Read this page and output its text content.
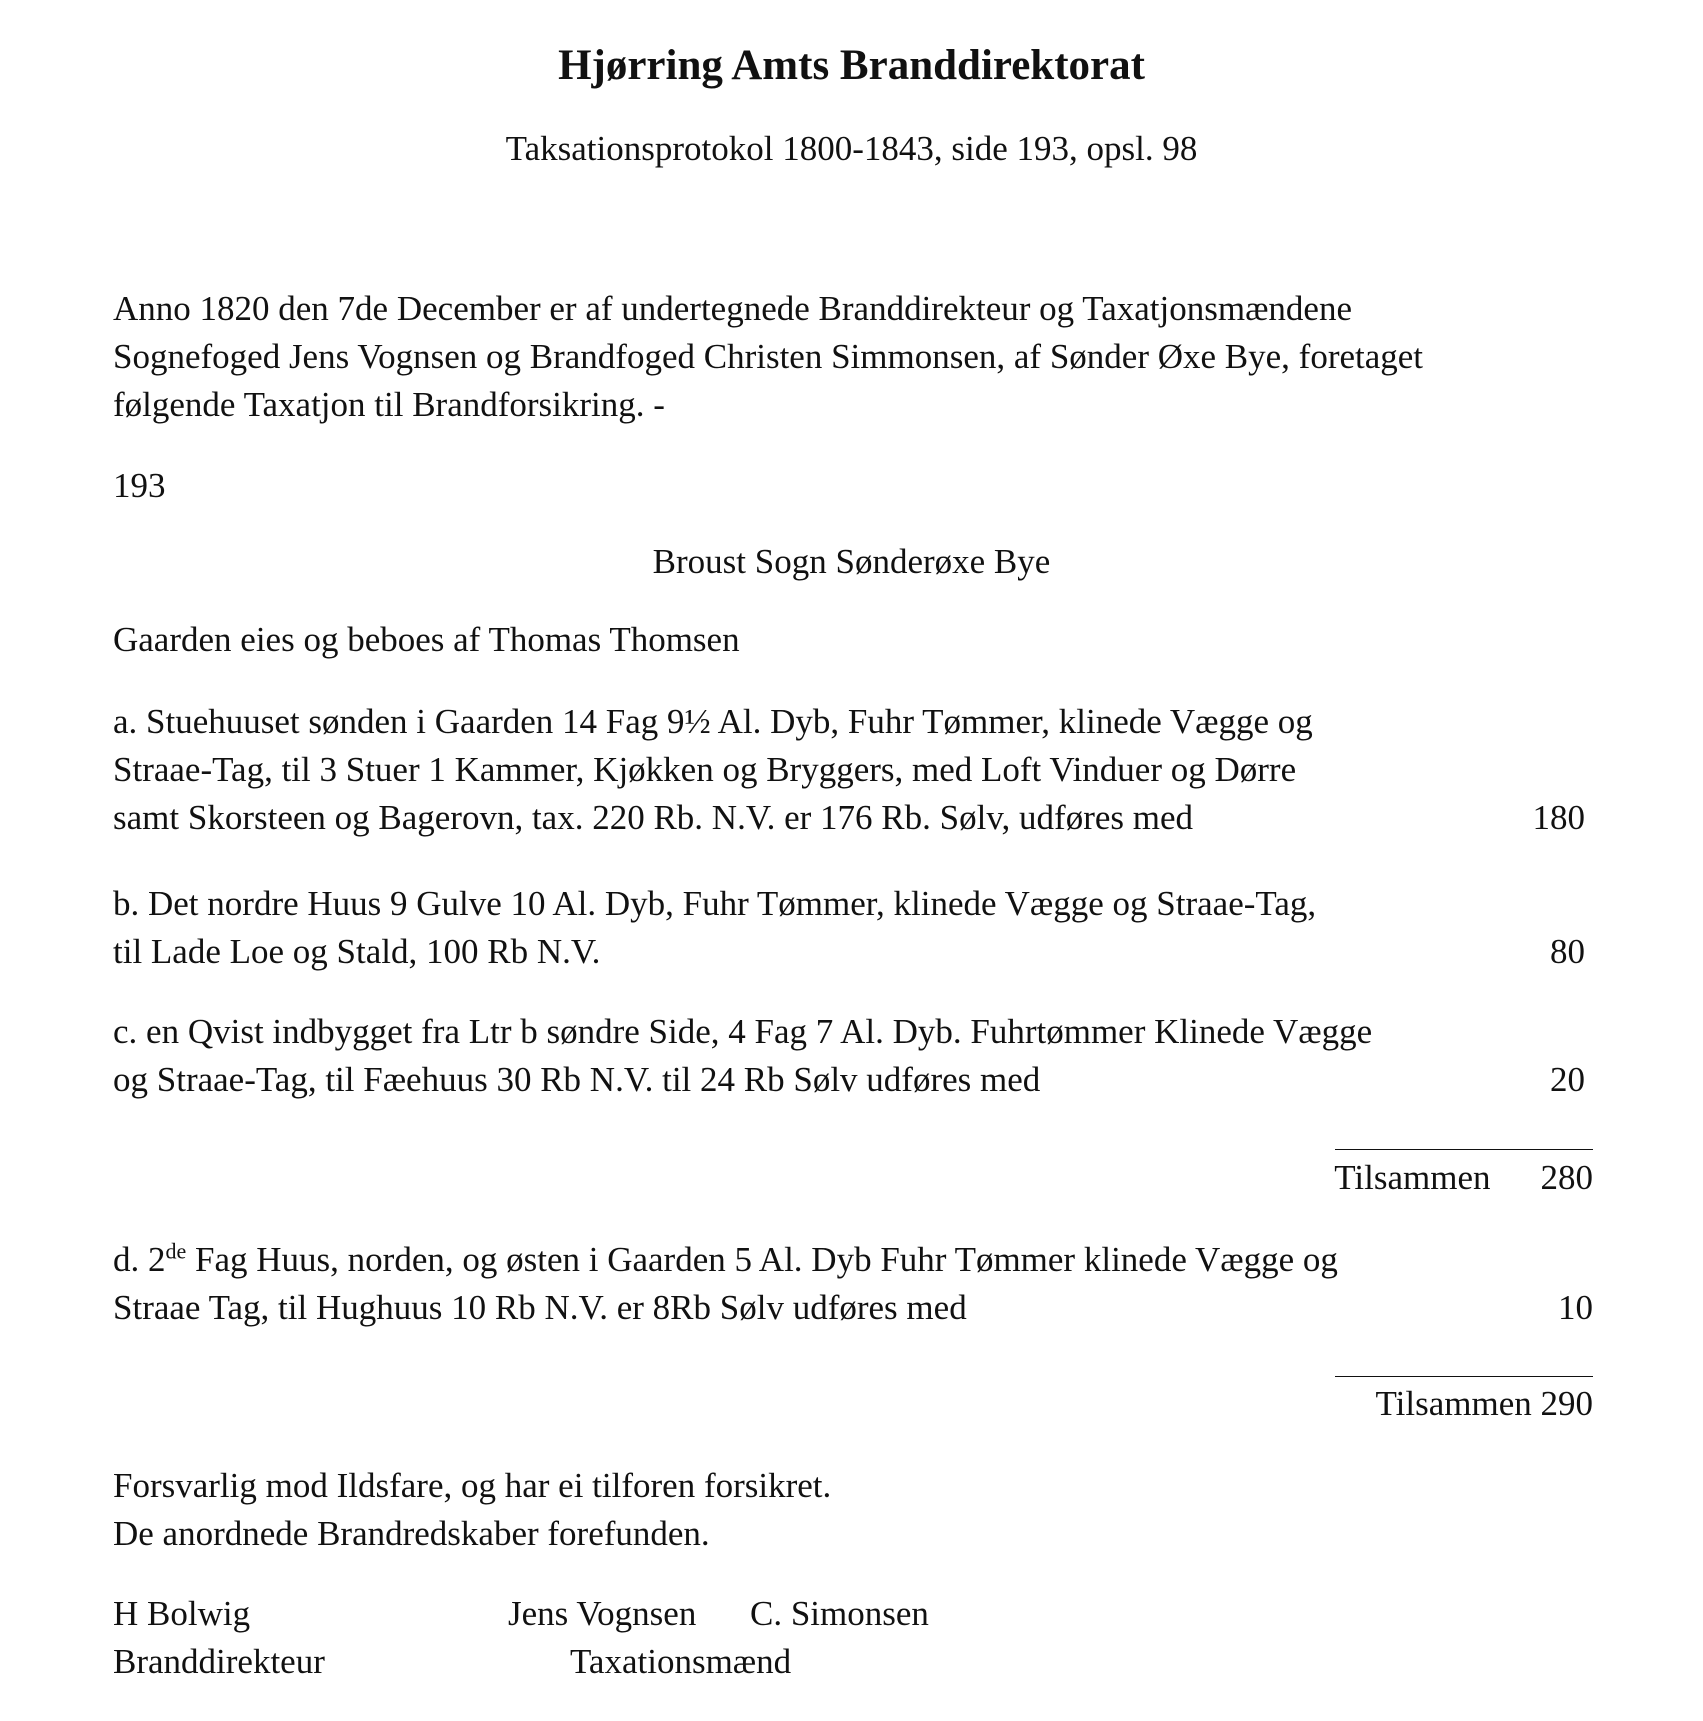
Hjørring Amts Branddirektorat
Taksationsprotokol 1800-1843, side 193, opsl. 98
Anno 1820 den 7de December er af undertegnede Branddirekteur og Taxatjonsmændene
Sognefoged Jens Vognsen og Brandfoged Christen Simmonsen, af Sønder Øxe Bye, foretaget
følgende Taxatjon til Brandforsikring. -
193
Broust Sogn Sønderøxe Bye
Gaarden eies og beboes af Thomas Thomsen
a. Stuehuuset sønden i Gaarden 14 Fag 9½ Al. Dyb, Fuhr Tømmer, klinede Vægge og
Straae-Tag, til 3 Stuer 1 Kammer, Kjøkken og Bryggers, med Loft Vinduer og Dørre
samt Skorsteen og Bagerovn, tax. 220 Rb. N.V. er 176 Rb. Sølv, udføres med	180
b. Det nordre Huus 9 Gulve 10 Al. Dyb, Fuhr Tømmer, klinede Vægge og Straae-Tag,
til Lade Loe og Stald, 100 Rb N.V.	80
c. en Qvist indbygget fra Ltr b søndre Side, 4 Fag 7 Al. Dyb. Fuhrtømmer Klinede Vægge
og Straae-Tag, til Fæehuus 30 Rb N.V. til 24 Rb Sølv udføres med	20
Tilsammen 280
d. 2de Fag Huus, norden, og østen i Gaarden 5 Al. Dyb Fuhr Tømmer klinede Vægge og
Straae Tag, til Hughuus 10 Rb N.V. er 8Rb Sølv udføres med	10
Tilsammen 290
Forsvarlig mod Ildsfare, og har ei tilforen forsikret.
De anordnede Brandredskaber forefunden.
H Bolwig	Jens Vognsen C. Simonsen
Branddirekteur	Taxationsmænd
